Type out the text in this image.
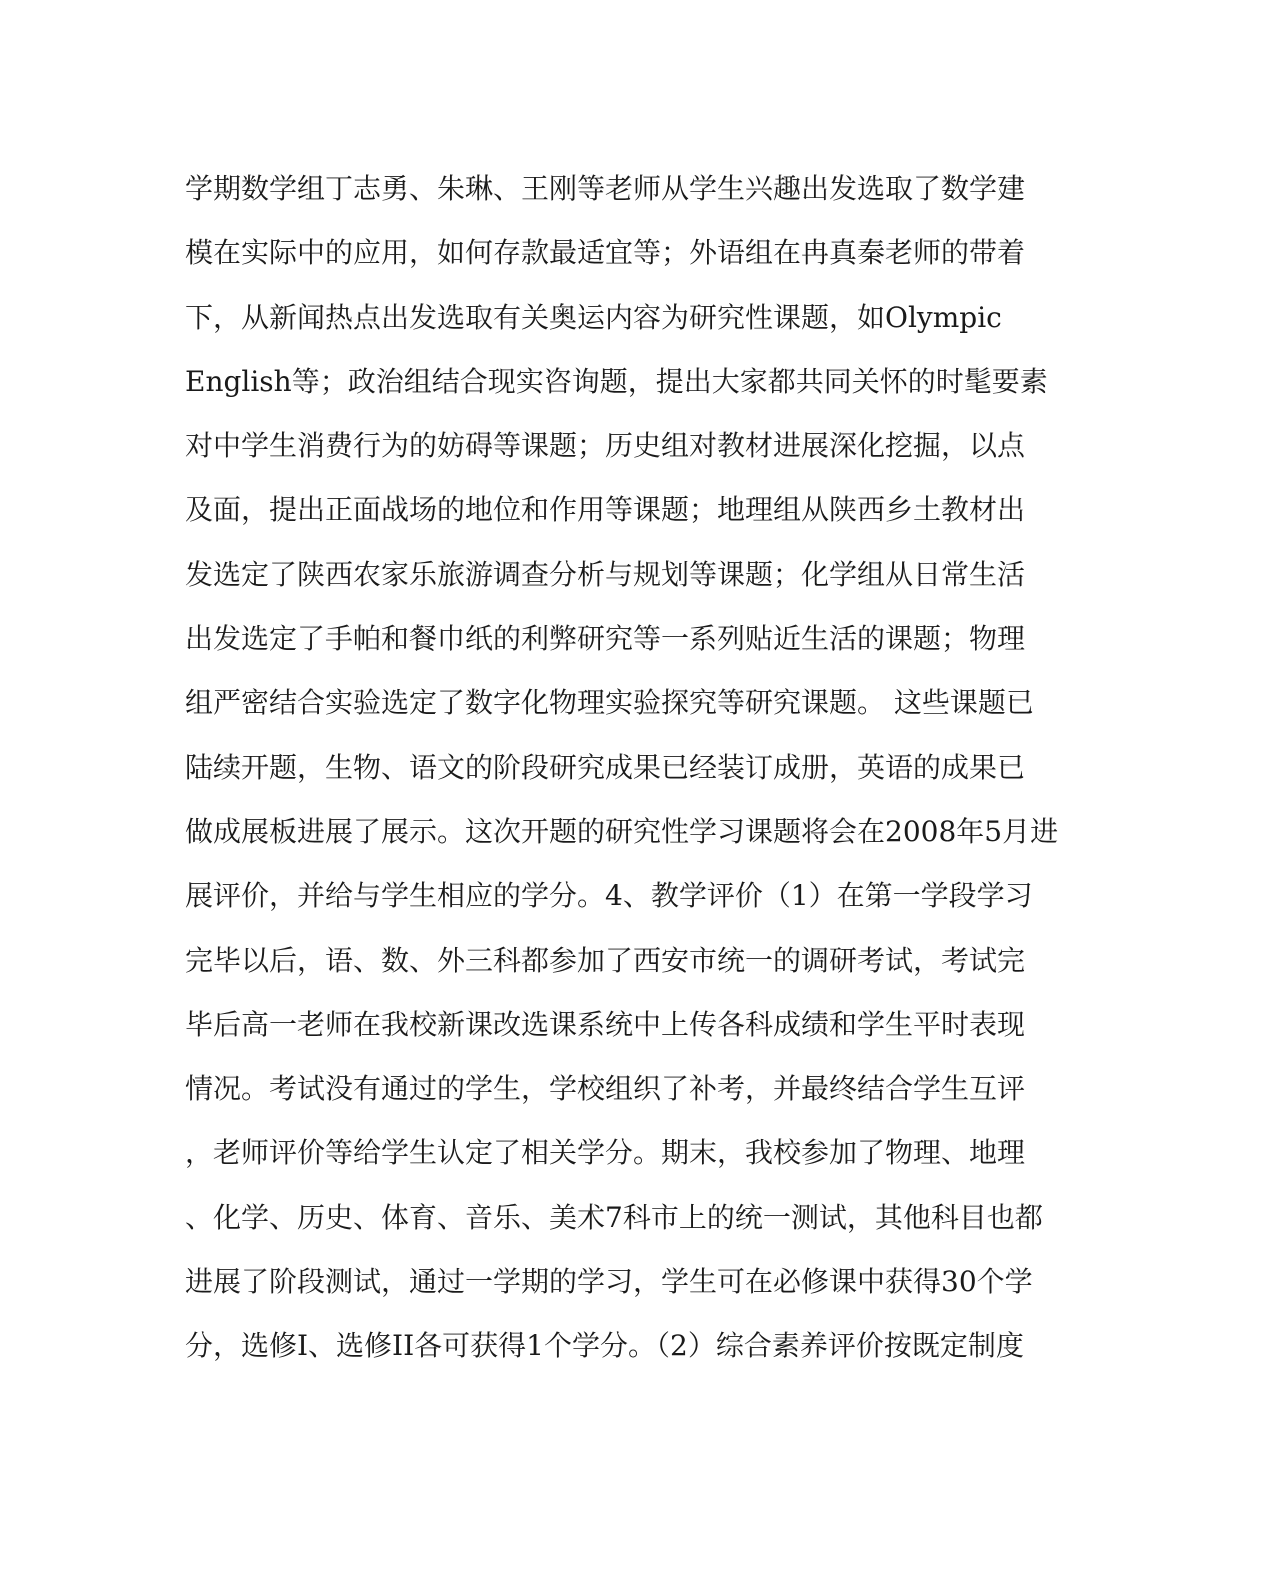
学期数学组丁志勇、朱琳、王刚等老师从学生兴趣出发选取了数学建
模在实际中的应用，如何存款最适宜等；外语组在冉真秦老师的带着
下，从新闻热点出发选取有关奥运内容为研究性课题，如Olympic
English等；政治组结合现实咨询题，提出大家都共同关怀的时髦要素
对中学生消费行为的妨碍等课题；历史组对教材进展深化挖掘，以点
及面，提出正面战场的地位和作用等课题；地理组从陕西乡土教材出
发选定了陕西农家乐旅游调查分析与规划等课题；化学组从日常生活
出发选定了手帕和餐巾纸的利弊研究等一系列贴近生活的课题；物理
组严密结合实验选定了数字化物理实验探究等研究课题。 这些课题已
陆续开题，生物、语文的阶段研究成果已经装订成册，英语的成果已
做成展板进展了展示。这次开题的研究性学习课题将会在2008年5月进
展评价，并给与学生相应的学分。4、教学评价（1）在第一学段学习
完毕以后，语、数、外三科都参加了西安市统一的调研考试，考试完
毕后高一老师在我校新课改选课系统中上传各科成绩和学生平时表现
情况。考试没有通过的学生，学校组织了补考，并最终结合学生互评
，老师评价等给学生认定了相关学分。期末，我校参加了物理、地理
、化学、历史、体育、音乐、美术7科市上的统一测试，其他科目也都
进展了阶段测试，通过一学期的学习，学生可在必修课中获得30个学
分，选修I、选修II各可获得1个学分。（2）综合素养评价按既定制度
